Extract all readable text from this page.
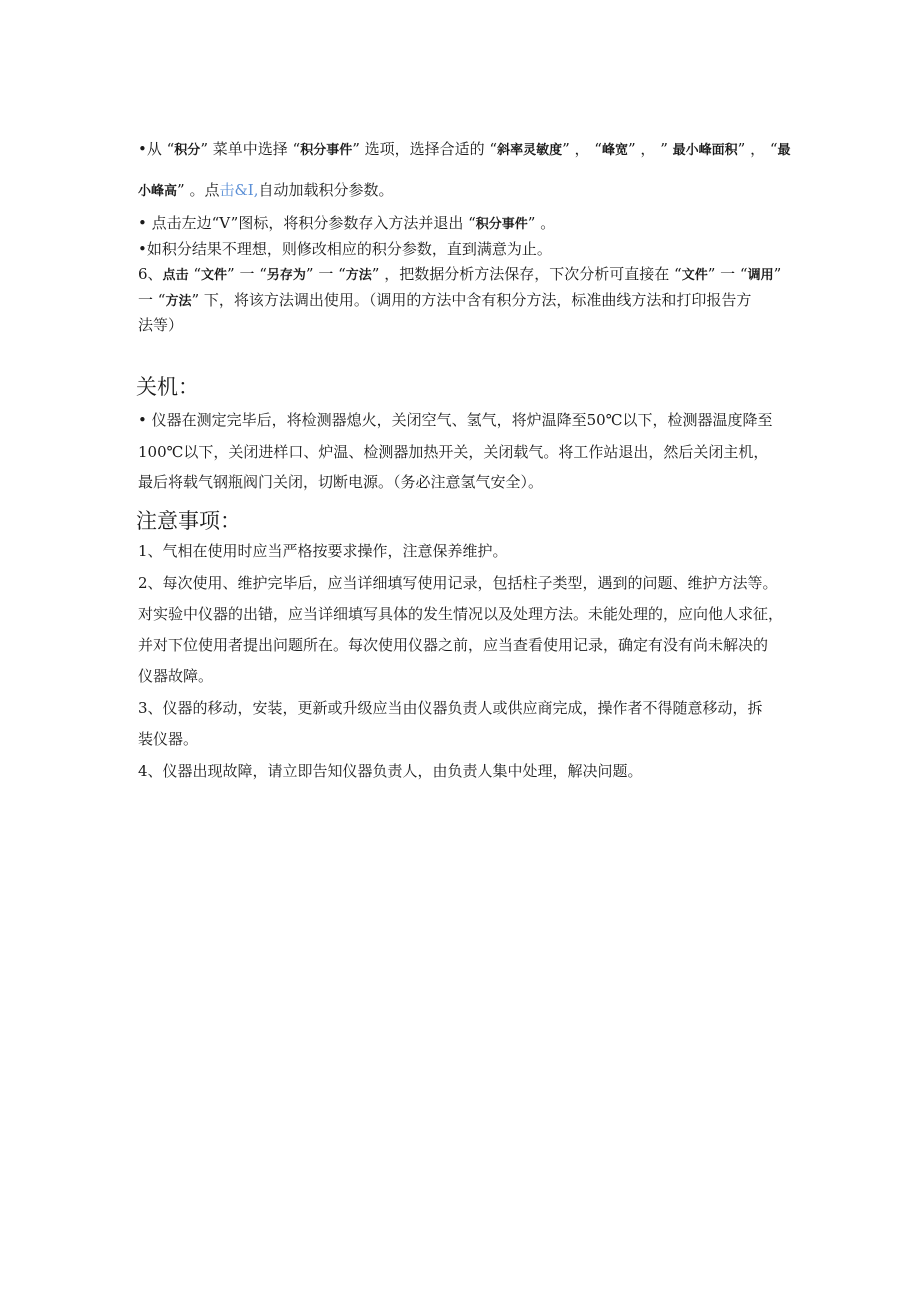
•从 “积分” 菜单中选择 “积分事件” 选项，选择合适的 “斜率灵敏度” ， “峰宽” ， ” 最小峰面积” ， “最
小峰高” 。点击&I,自动加载积分参数。
• 点击左边“V”图标，将积分参数存入方法并退出 “积分事件” 。
•如积分结果不理想，则修改相应的积分参数，直到满意为止。
6、点击 “文件” 一 “另存为” 一 “方法” ，把数据分析方法保存，下次分析可直接在 “文件” 一 “调用”
一 “方法” 下，将该方法调出使用。（调用的方法中含有积分方法，标准曲线方法和打印报告方
法等）
关机：
• 仪器在测定完毕后，将检测器熄火，关闭空气、氢气，将炉温降至50℃以下，检测器温度降至
100℃以下，关闭进样口、炉温、检测器加热开关，关闭载气。将工作站退出，然后关闭主机，
最后将载气钢瓶阀门关闭，切断电源。（务必注意氢气安全）。
注意事项：
1、气相在使用时应当严格按要求操作，注意保养维护。
2、每次使用、维护完毕后，应当详细填写使用记录，包括柱子类型，遇到的问题、维护方法等。
对实验中仪器的出错，应当详细填写具体的发生情况以及处理方法。未能处理的，应向他人求征，
并对下位使用者提出问题所在。每次使用仪器之前，应当查看使用记录，确定有没有尚未解决的
仪器故障。
3、仪器的移动，安装，更新或升级应当由仪器负责人或供应商完成，操作者不得随意移动，拆
装仪器。
4、仪器出现故障，请立即告知仪器负责人，由负责人集中处理，解决问题。
